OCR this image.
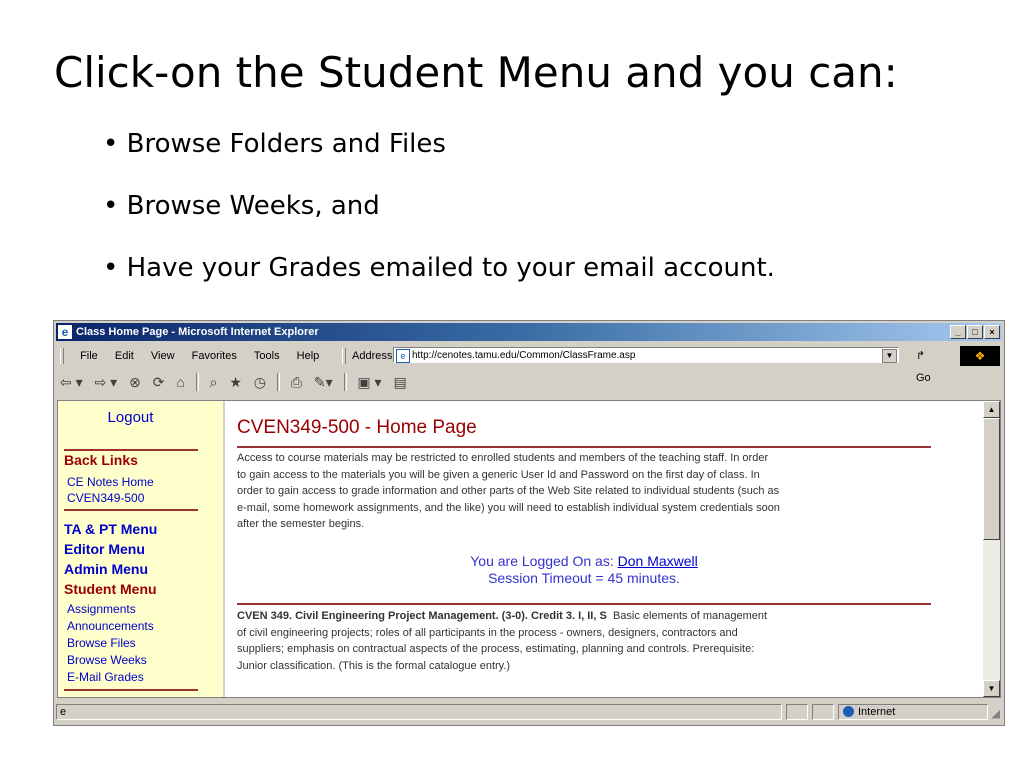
Click-on the Student Menu and you can:
• Browse Folders and Files
• Browse Weeks, and
• Have your Grades emailed to your email account.
e Class Home Page - Microsoft Internet Explorer	_ □ ×
File Edit View Favorites Tools Help	Address e http://cenotes.tamu.edu/Common/ClassFrame.asp	▼	↱ Go
❖
⇦ ▾ ⇨ ▾ ⊗ ⟳ ⌂ ⌕ ★ ◷ ⎙ ✎▾ ▣ ▾ ▤
Logout
Back Links
CE Notes Home
CVEN349-500
TA & PT Menu
Editor Menu
Admin Menu
Student Menu
Assignments
Announcements
Browse Files
Browse Weeks
E-Mail Grades
CVEN349-500 - Home Page
Access to course materials may be restricted to enrolled students and members of the teaching staff. In order
to gain access to the materials you will be given a generic User Id and Password on the first day of class. In
order to gain access to grade information and other parts of the Web Site related to individual students (such as
e-mail, some homework assignments, and the like) you will need to establish individual system credentials soon
after the semester begins.
You are Logged On as: Don Maxwell
Session Timeout = 45 minutes.
CVEN 349. Civil Engineering Project Management. (3-0). Credit 3. I, II, S Basic elements of management
of civil engineering projects; roles of all participants in the process - owners, designers, contractors and
suppliers; emphasis on contractual aspects of the process, estimating, planning and controls. Prerequisite:
Junior classification. (This is the formal catalogue entry.)
▲
▼
e	Internet	◢
